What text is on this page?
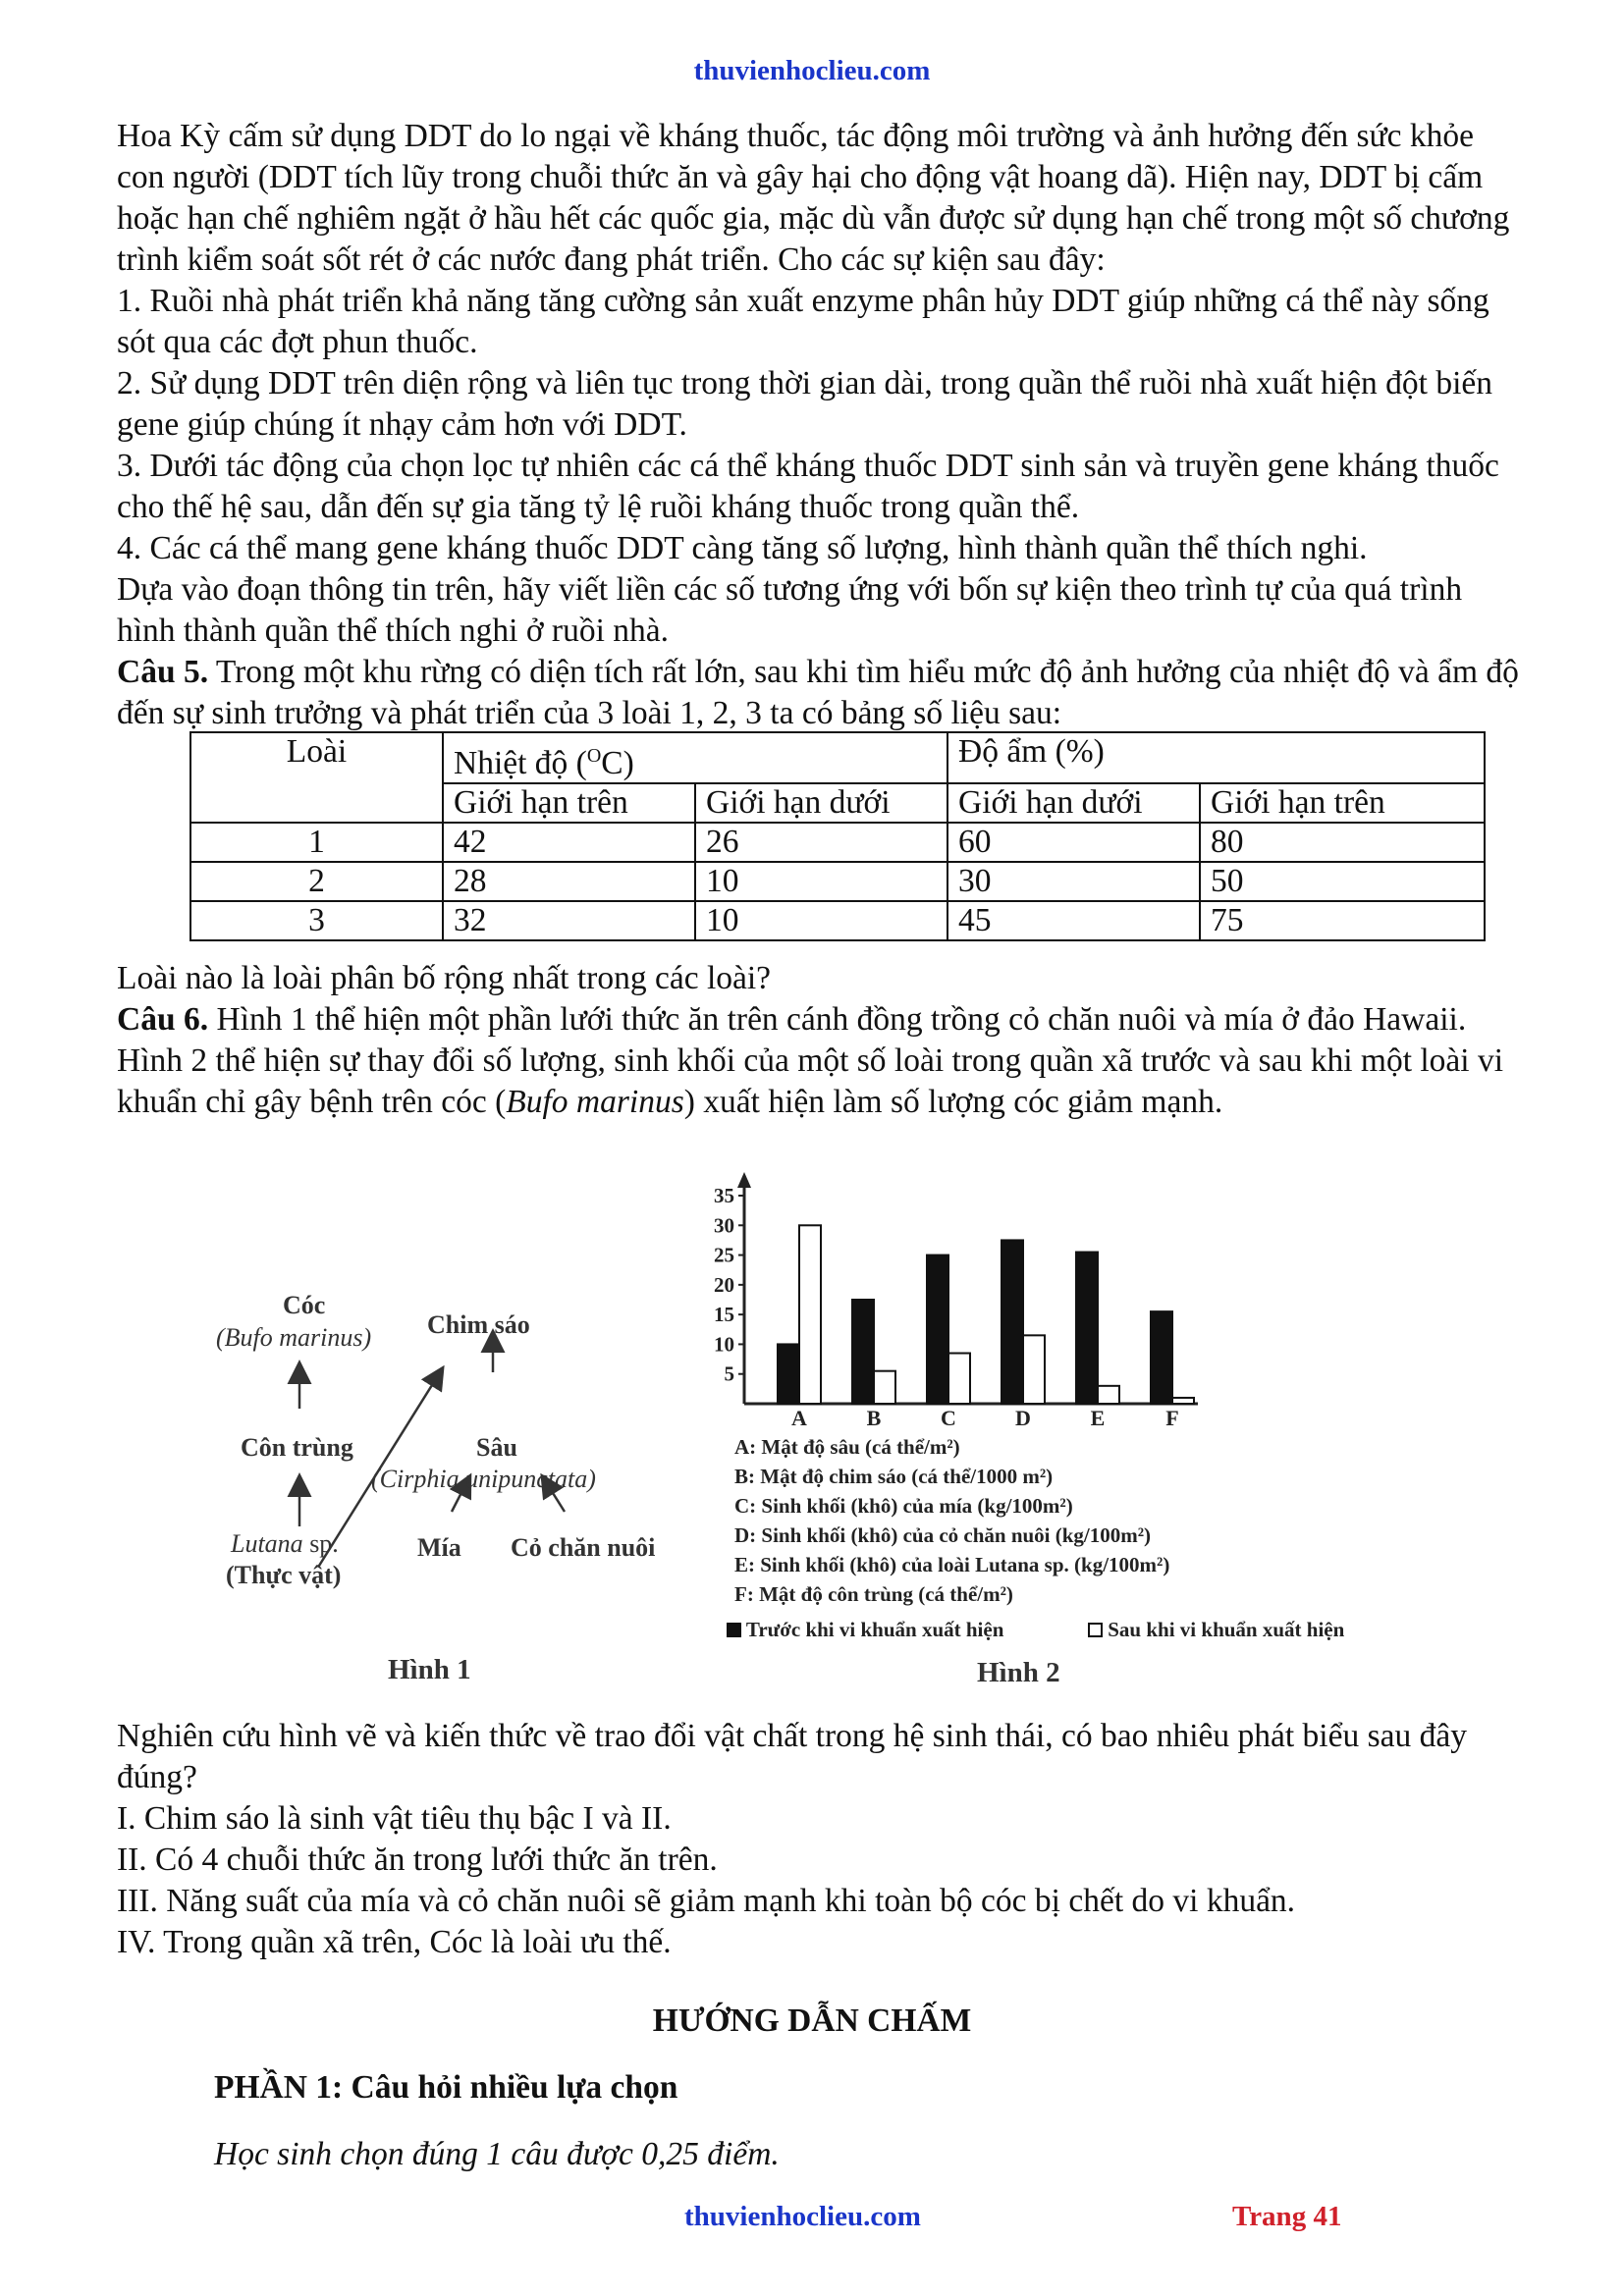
thuvienhoclieu.com

Hoa Kỳ cấm sử dụng DDT do lo ngại về kháng thuốc, tác động môi trường và ảnh hưởng đến sức khỏe con người (DDT tích lũy trong chuỗi thức ăn và gây hại cho động vật hoang dã). Hiện nay, DDT bị cấm hoặc hạn chế nghiêm ngặt ở hầu hết các quốc gia, mặc dù vẫn được sử dụng hạn chế trong một số chương trình kiểm soát sốt rét ở các nước đang phát triển. Cho các sự kiện sau đây:

1. Ruồi nhà phát triển khả năng tăng cường sản xuất enzyme phân hủy DDT giúp những cá thể này sống sót qua các đợt phun thuốc.

2. Sử dụng DDT trên diện rộng và liên tục trong thời gian dài, trong quần thể ruồi nhà xuất hiện đột biến gene giúp chúng ít nhạy cảm hơn với DDT.

3. Dưới tác động của chọn lọc tự nhiên các cá thể kháng thuốc DDT sinh sản và truyền gene kháng thuốc cho thế hệ sau, dẫn đến sự gia tăng tỷ lệ ruồi kháng thuốc trong quần thể.

4. Các cá thể mang gene kháng thuốc DDT càng tăng số lượng, hình thành quần thể thích nghi.

Dựa vào đoạn thông tin trên, hãy viết liền các số tương ứng với bốn sự kiện theo trình tự của quá trình hình thành quần thể thích nghi ở ruồi nhà.

Câu 5. Trong một khu rừng có diện tích rất lớn, sau khi tìm hiểu mức độ ảnh hưởng của nhiệt độ và ẩm độ đến sự sinh trưởng và phát triển của 3 loài 1, 2, 3 ta có bảng số liệu sau:

Loài	Nhiệt độ ($^O$C)		Độ ẩm (%)	
	Giới hạn trên	Giới hạn dưới	Giới hạn dưới	Giới hạn trên
1	42	26	60	80
2	28	10	30	50
3	32	10	45	75

Loài nào là loài phân bố rộng nhất trong các loài?

Câu 6. Hình 1 thể hiện một phần lưới thức ăn trên cánh đồng trồng cỏ chăn nuôi và mía ở đảo Hawaii. Hình 2 thể hiện sự thay đổi số lượng, sinh khối của một số loài trong quần xã trước và sau khi một loài vi khuẩn chỉ gây bệnh trên cóc (Bufo marinus) xuất hiện làm số lượng cóc giảm mạnh.

Cóc
(Bufo marinus) Chim sáo
Côn trùng	Sâu
(Cirphia unipunctata)
Lutana sp.
(Thực vật)
Mía Cỏ chăn nuôi
Hình 1
5
10
15
20
25
30
35
A	B	C	D	E	F
A: Mật độ sâu (cá thể/m²)
B: Mật độ chim sáo (cá thể/1000 m²)
C: Sinh khối (khô) của mía (kg/100m²)
D: Sinh khối (khô) của cỏ chăn nuôi (kg/100m²)
E: Sinh khối (khô) của loài Lutana sp. (kg/100m²)
F: Mật độ côn trùng (cá thể/m²)
Trước khi vi khuẩn xuất hiện	Sau khi vi khuẩn xuất hiện
Hình 2

Nghiên cứu hình vẽ và kiến thức về trao đổi vật chất trong hệ sinh thái, có bao nhiêu phát biểu sau đây đúng?

I. Chim sáo là sinh vật tiêu thụ bậc I và II.

II. Có 4 chuỗi thức ăn trong lưới thức ăn trên.

III. Năng suất của mía và cỏ chăn nuôi sẽ giảm mạnh khi toàn bộ cóc bị chết do vi khuẩn.

IV. Trong quần xã trên, Cóc là loài ưu thế.

HƯỚNG DẪN CHẤM
PHẦN 1: Câu hỏi nhiều lựa chọn
Học sinh chọn đúng 1 câu được 0,25 điểm.
thuvienhoclieu.com	Trang 41
